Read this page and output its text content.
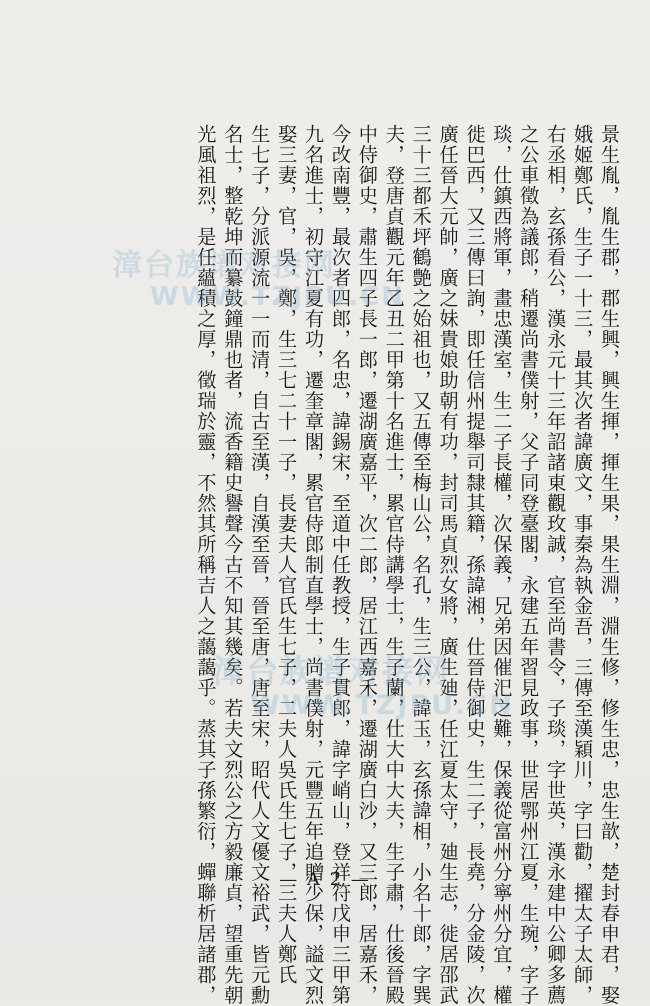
景生胤，胤生郡，郡生興，興生揮，揮生果，果生淵，淵生修，修生忠，忠生歆，楚封春申君，娶
娥姬鄭氏，生子一十三，最其次者諱廣文，事秦為執金吾，三傳至漢穎川，字曰勸，擢太子太師，
右丞相，玄孫看公，漢永元十三年詔諸東觀玫誠，官至尚書令，子琰，字世英，漢永建中公卿多薦
之公車徵為議郎，稍遷尚書僕射，父子同登臺閣，永建五年習見政事，世居鄂州江夏，生琬，字子
琰，仕鎮西將軍，畫忠漢室，生二子長權，次保義，兄弟因催汜之難，保義從富州分寧州分宜，權
徙巴西，又三傳曰詢，即任信州提舉司隸其籍，孫諱湘，仕晉侍御史，生二子，長堯，分金陵，次
廣任晉大元帥，廣之妹貴娘助朝有功，封司馬貞烈女將，廣生廸，任江夏太守，廸生志，徙居邵武
三十三都禾坪鶴艶之始祖也，又五傳至梅山公，名孔，生三公，諱玉，玄孫諱相，小名十郎，字巽
夫，登唐貞觀元年乙丑二甲第十名進士，累官侍講學士，生子蘭，仕大中大夫，生子肅，仕後晉殿
中侍御史，肅生四子長一郎，遷湖廣嘉平，次二郎，居江西嘉禾，遷湖廣白沙，又三郎，居嘉禾，
今改南豐，最次者四郎，名忠，諱錫宋，至道中任教授，生子貫郎，諱字峭山，登祥符戊申三甲第
九名進士，初守江夏有功，遷奎章閣，累官侍郎制直學士，尚書僕射，元豐五年追贈少保，謚文烈
娶三妻，官，吳，鄭，生三七二十一子，長妻夫人官氏生七子，二夫人吳氏生七子，三夫人鄭氏
生七子，分派源流一一而清，自古至漢，自漢至晉，晉至唐，唐至宋，昭代人文優文裕武，皆元勳
名士，整乾坤而纂鼓鐘鼎也者，流香籍史譽聲今古不知其幾矣。若夫文烈公之方毅廉貞，望重先朝
光風祖烈，是任蘊積之厚，徵瑞於靈，不然其所稱吉人之藹藹乎。蒸其子孫繁衍，蟬聯析居諸郡，
漳台族谱对接网
WWW.TZJPU.CN
漳台族谱对接网
WWW.TZJPU.CN
— A 2 —
